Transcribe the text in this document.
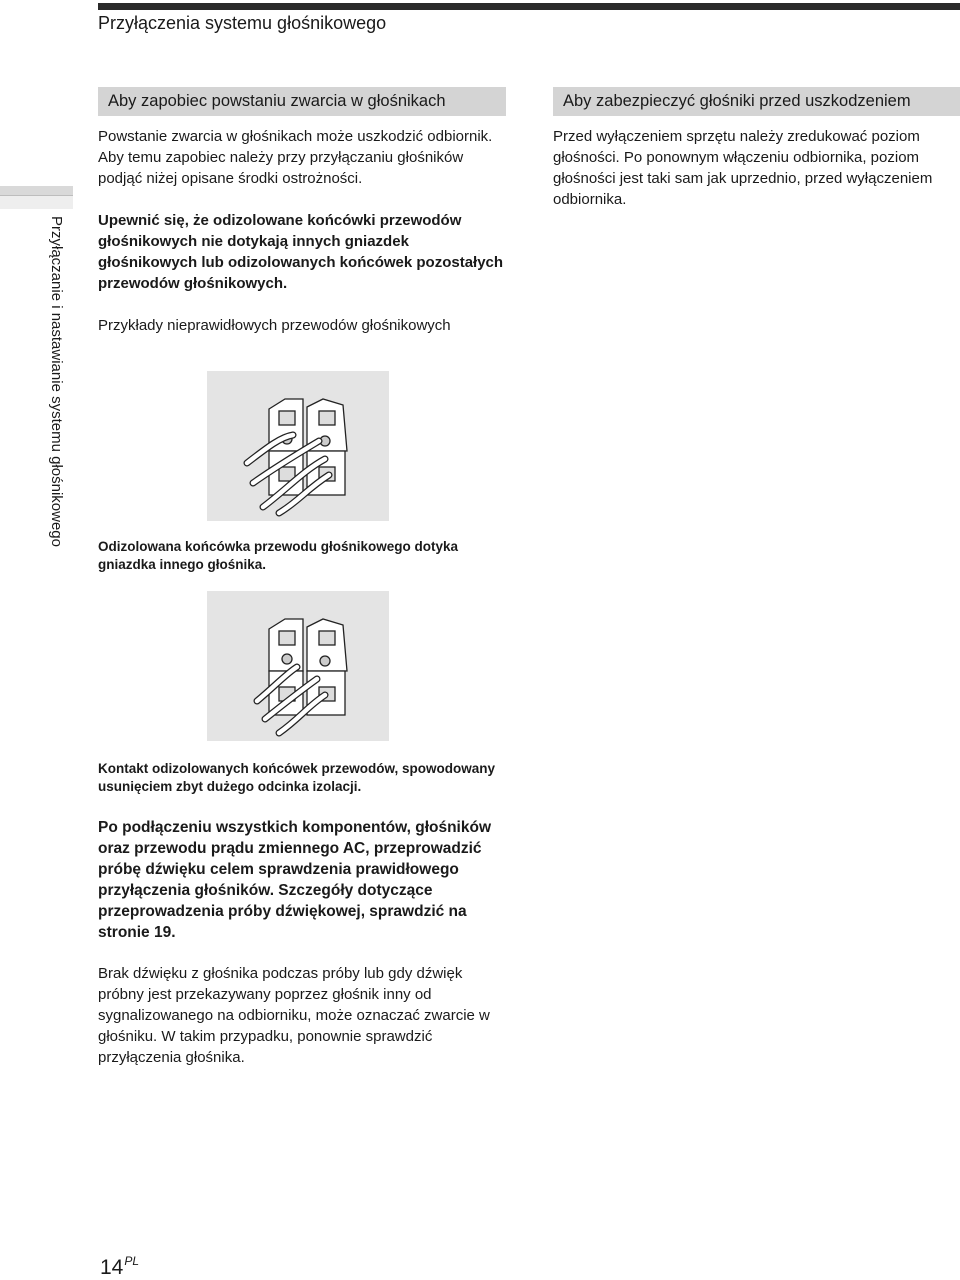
Przyłączenia systemu głośnikowego
Przyłączanie i nastawianie systemu głośnikowego
Aby zapobiec powstaniu zwarcia w głośnikach

Powstanie zwarcia w głośnikach może uszkodzić odbiornik. Aby temu zapobiec należy przy przyłączaniu głośników podjąć niżej opisane środki ostrożności.

Upewnić się, że odizolowane końcówki przewodów głośnikowych nie dotykają innych gniazdek głośnikowych lub odizolowanych końcówek pozostałych przewodów głośnikowych.

Przykłady nieprawidłowych przewodów głośnikowych

Odizolowana końcówka przewodu głośnikowego dotyka gniazdka innego głośnika.

Kontakt odizolowanych końcówek przewodów, spowodowany usunięciem zbyt dużego odcinka izolacji.

Po podłączeniu wszystkich komponentów, głośników oraz przewodu prądu zmiennego AC, przeprowadzić próbę dźwięku celem sprawdzenia prawidłowego przyłączenia głośników. Szczegóły dotyczące przeprowadzenia próby dźwiękowej, sprawdzić na stronie 19.

Brak dźwięku z głośnika podczas próby lub gdy dźwięk próbny jest przekazywany poprzez głośnik inny od sygnalizowanego na odbiorniku, może oznaczać zwarcie w głośniku. W takim przypadku, ponownie sprawdzić przyłączenia głośnika.

Aby zabezpieczyć głośniki przed uszkodzeniem

Przed wyłączeniem sprzętu należy zredukować poziom głośności. Po ponownym włączeniu odbiornika, poziom głośności jest taki sam jak uprzednio, przed wyłączeniem odbiornika.

$14^{PL}$
